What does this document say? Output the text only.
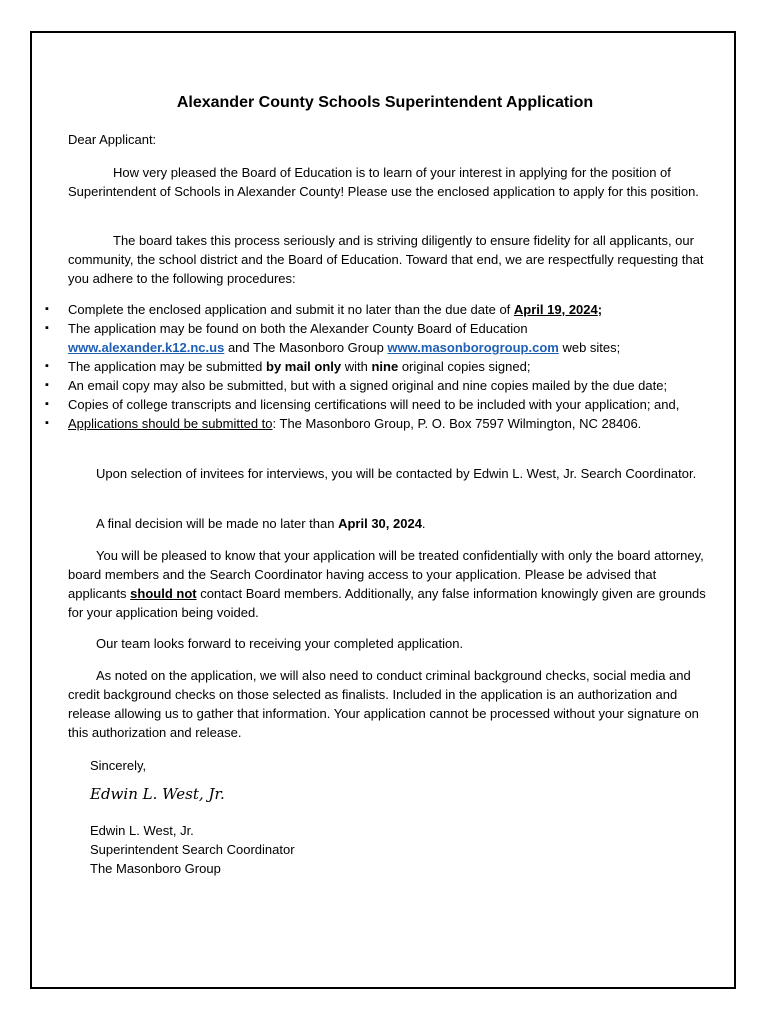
Alexander County Schools Superintendent Application
Dear Applicant:

How very pleased the Board of Education is to learn of your interest in applying for the position of Superintendent of Schools in Alexander County! Please use the enclosed application to apply for this position.

The board takes this process seriously and is striving diligently to ensure fidelity for all applicants, our community, the school district and the Board of Education. Toward that end, we are respectfully requesting that you adhere to the following procedures:

▪ Complete the enclosed application and submit it no later than the due date of April 19, 2024;
▪ The application may be found on both the Alexander County Board of Education
www.alexander.k12.nc.us and The Masonboro Group www.masonborogroup.com web sites;
▪ The application may be submitted by mail only with nine original copies signed;
▪ An email copy may also be submitted, but with a signed original and nine copies mailed by the due date;
▪ Copies of college transcripts and licensing certifications will need to be included with your application; and,
▪ Applications should be submitted to: The Masonboro Group, P. O. Box 7597 Wilmington, NC 28406.

Upon selection of invitees for interviews, you will be contacted by Edwin L. West, Jr. Search Coordinator.

A final decision will be made no later than April 30, 2024.

You will be pleased to know that your application will be treated confidentially with only the board attorney, board members and the Search Coordinator having access to your application. Please be advised that applicants should not contact Board members. Additionally, any false information knowingly given are grounds for your application being voided.

Our team looks forward to receiving your completed application.

As noted on the application, we will also need to conduct criminal background checks, social media and credit background checks on those selected as finalists. Included in the application is an authorization and release allowing us to gather that information. Your application cannot be processed without your signature on this authorization and release.

Sincerely,
Edwin L. West, Jr.
Edwin L. West, Jr.
Superintendent Search Coordinator
The Masonboro Group
